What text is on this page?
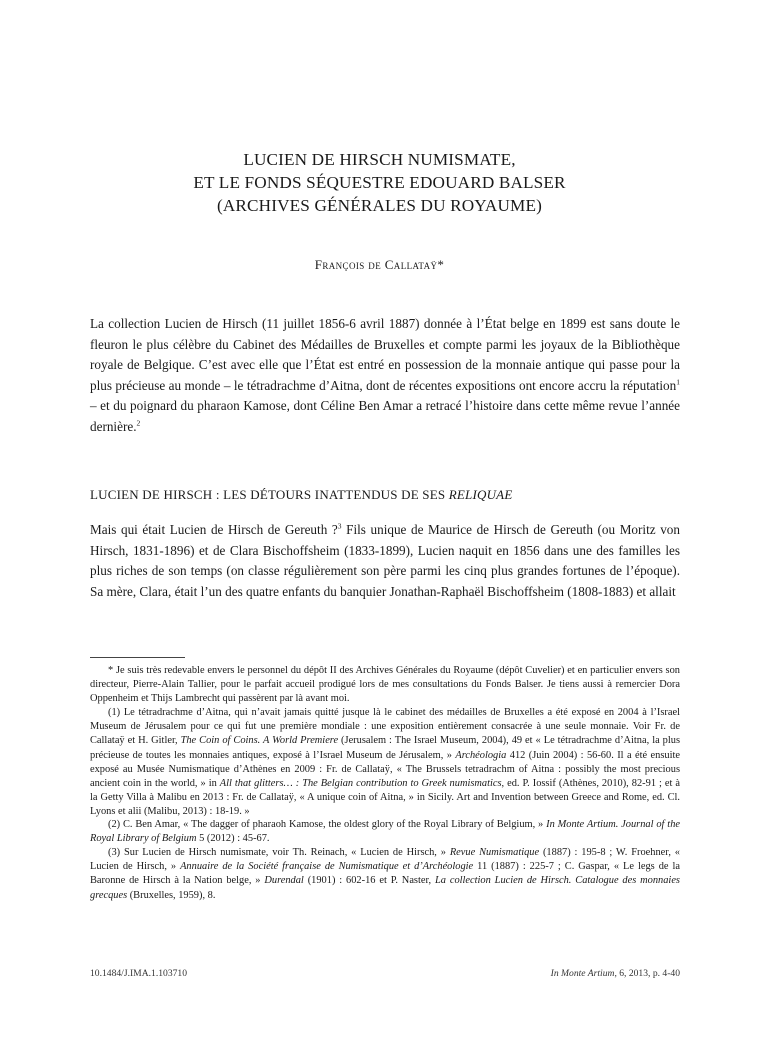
LUCIEN DE HIRSCH NUMISMATE,
ET LE FONDS SÉQUESTRE EDOUARD BALSER
(ARCHIVES GÉNÉRALES DU ROYAUME)
François de Callataÿ*

La collection Lucien de Hirsch (11 juillet 1856-6 avril 1887) donnée à l’État belge en 1899 est sans doute le fleuron le plus célèbre du Cabinet des Médailles de Bruxelles et compte parmi les joyaux de la Bibliothèque royale de Belgique. C’est avec elle que l’État est entré en possession de la monnaie antique qui passe pour la plus précieuse au monde – le tétradrachme d’Aitna, dont de récentes expositions ont encore accru la réputation$^1$ – et du poignard du pharaon Kamose, dont Céline Ben Amar a retracé l’histoire dans cette même revue l’année dernière.$^2$

LUCIEN DE HIRSCH : LES DÉTOURS INATTENDUS DE SES RELIQUAE

Mais qui était Lucien de Hirsch de Gereuth ?$^3$ Fils unique de Maurice de Hirsch de Gereuth (ou Moritz von Hirsch, 1831-1896) et de Clara Bischoffsheim (1833-1899), Lucien naquit en 1856 dans une des familles les plus riches de son temps (on classe régulièrement son père parmi les cinq plus grandes fortunes de l’époque). Sa mère, Clara, était l’un des quatre enfants du banquier Jonathan-Raphaël Bischoffsheim (1808-1883) et allait

* Je suis très redevable envers le personnel du dépôt II des Archives Générales du Royaume (dépôt Cuvelier) et en particulier envers son directeur, Pierre-Alain Tallier, pour le parfait accueil prodigué lors de mes consultations du Fonds Balser. Je tiens aussi à remercier Dora Oppenheim et Thijs Lambrecht qui passèrent par là avant moi.

(1) Le tétradrachme d’Aitna, qui n’avait jamais quitté jusque là le cabinet des médailles de Bruxelles a été exposé en 2004 à l’Israel Museum de Jérusalem pour ce qui fut une première mondiale : une exposition entièrement consacrée à une seule monnaie. Voir Fr. de Callataÿ et H. Gitler, The Coin of Coins. A World Premiere (Jerusalem : The Israel Museum, 2004), 49 et « Le tétradrachme d’Aitna, la plus précieuse de toutes les monnaies antiques, exposé à l’Israel Museum de Jérusalem, » Archéologia 412 (Juin 2004) : 56-60. Il a été ensuite exposé au Musée Numismatique d’Athènes en 2009 : Fr. de Callataÿ, « The Brussels tetradrachm of Aitna : possibly the most precious ancient coin in the world, » in All that glitters… : The Belgian contribution to Greek numismatics, ed. P. Iossif (Athènes, 2010), 82-91 ; et à la Getty Villa à Malibu en 2013 : Fr. de Callataÿ, « A unique coin of Aitna, » in Sicily. Art and Invention between Greece and Rome, ed. Cl. Lyons et alii (Malibu, 2013) : 18-19. »

(2) C. Ben Amar, « The dagger of pharaoh Kamose, the oldest glory of the Royal Library of Belgium, » In Monte Artium. Journal of the Royal Library of Belgium 5 (2012) : 45-67.

(3) Sur Lucien de Hirsch numismate, voir Th. Reinach, « Lucien de Hirsch, » Revue Numismatique (1887) : 195-8 ; W. Froehner, « Lucien de Hirsch, » Annuaire de la Société française de Numismatique et d’Archéologie 11 (1887) : 225-7 ; C. Gaspar, « Le legs de la Baronne de Hirsch à la Nation belge, » Durendal (1901) : 602-16 et P. Naster, La collection Lucien de Hirsch. Catalogue des monnaies grecques (Bruxelles, 1959), 8.

10.1484/J.IMA.1.103710	In Monte Artium, 6, 2013, p. 4-40
